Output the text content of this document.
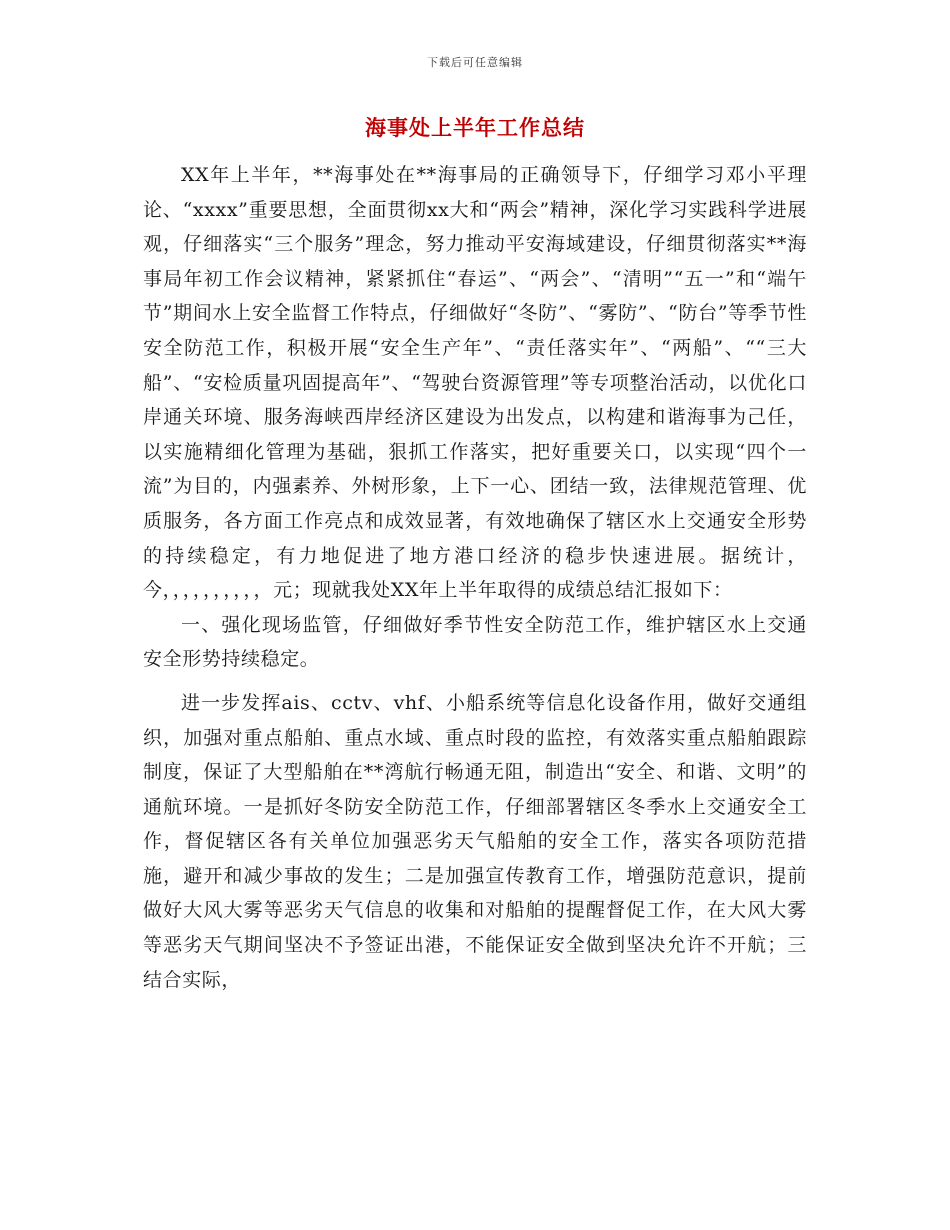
下载后可任意编辑
海事处上半年工作总结

XX年上半年，**海事处在**海事局的正确领导下，仔细学习邓小平理论、“xxxx”重要思想，全面贯彻xx大和“两会”精神，深化学习实践科学进展观，仔细落实“三个服务”理念，努力推动平安海域建设，仔细贯彻落实**海事局年初工作会议精神，紧紧抓住“春运”、“两会”、“清明”“五一”和“端午节”期间水上安全监督工作特点，仔细做好“冬防”、“雾防”、“防台”等季节性安全防范工作，积极开展“安全生产年”、“责任落实年”、“两船”、““三大船”、“安检质量巩固提高年”、“驾驶台资源管理”等专项整治活动，以优化口岸通关环境、服务海峡西岸经济区建设为出发点，以构建和谐海事为己任，以实施精细化管理为基础，狠抓工作落实，把好重要关口，以实现“四个一流”为目的，内强素养、外树形象，上下一心、团结一致，法律规范管理、优质服务，各方面工作亮点和成效显著，有效地确保了辖区水上交通安全形势的持续稳定，有力地促进了地方港口经济的稳步快速进展。据统计，今，，，，，，，，，，元；现就我处XX年上半年取得的成绩总结汇报如下：

一、强化现场监管，仔细做好季节性安全防范工作，维护辖区水上交通安全形势持续稳定。

进一步发挥ais、cctv、vhf、小船系统等信息化设备作用，做好交通组织，加强对重点船舶、重点水域、重点时段的监控，有效落实重点船舶跟踪制度，保证了大型船舶在**湾航行畅通无阻，制造出“安全、和谐、文明”的通航环境。一是抓好冬防安全防范工作，仔细部署辖区冬季水上交通安全工作，督促辖区各有关单位加强恶劣天气船舶的安全工作，落实各项防范措施，避开和减少事故的发生；二是加强宣传教育工作，增强防范意识，提前做好大风大雾等恶劣天气信息的收集和对船舶的提醒督促工作，在大风大雾等恶劣天气期间坚决不予签证出港，不能保证安全做到坚决允许不开航；三结合实际，
